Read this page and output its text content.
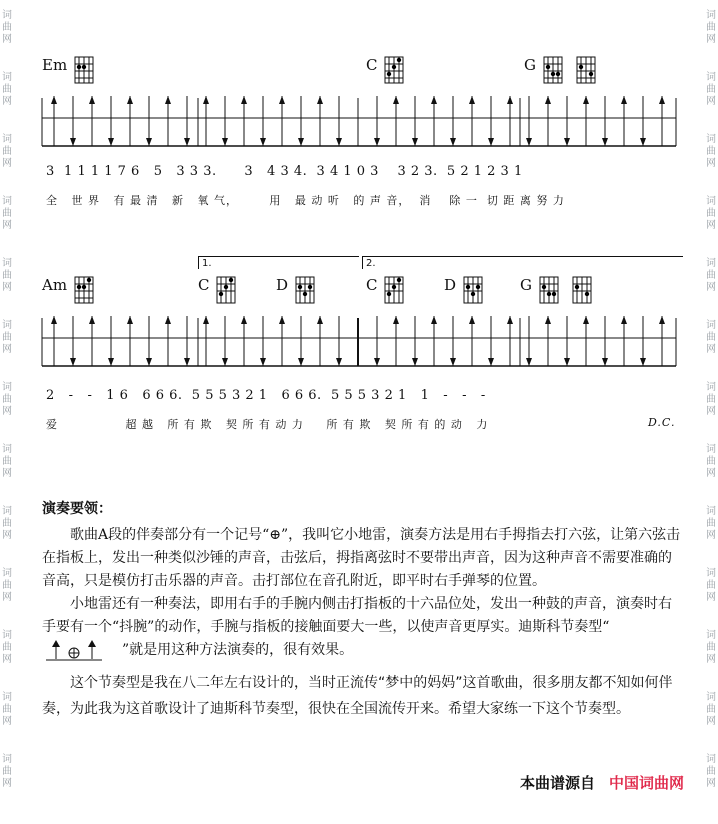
词
曲
网
词
曲
网
词
曲
网
词
曲
网
词
曲
网
词
曲
网
词
曲
网
词
曲
网
词
曲
网
词
曲
网
词
曲
网
词
曲
网
词
曲
网
词
曲
网
词
曲
网
词
曲
网
词
曲
网
词
曲
网
词
曲
网
词
曲
网
词
曲
网
词
曲
网
词
曲
网
词
曲
网
词
曲
网
词
曲
网
Em	C	G
3  1 1 1 1 7 6   5   3 3 3.      3   4 3 4.  3 4 1 0 3    3 2 3.  5 2 1 2 3 1
全   世 界   有 最 清   新   氧 气，       用   最 动 听   的 声 音，  消    除 一  切 距 离 努 力
1.	2.
Am	C	D	C	D	G
2   -   -   1 6   6 6 6.  5 5 5 3 2 1   6 6 6.  5 5 5 3 2 1   1   -   -   -
爱               超 越   所 有 欺   契 所 有 动 力     所 有 欺   契 所 有 的 动   力	D.C.
演奏要领：

歌曲A段的伴奏部分有一个记号“⊕”，我叫它小地雷，演奏方法是用右手拇指去打六弦，让第六弦击在指板上，发出一种类似沙锤的声音，击弦后，拇指离弦时不要带出声音，因为这种声音不需要准确的音高，只是模仿打击乐器的声音。击打部位在音孔附近，即平时右手弹琴的位置。

小地雷还有一种奏法，即用右手的手腕内侧击打指板的十六品位处，发出一种鼓的声音，演奏时右手要有一个“抖腕”的动作，手腕与指板的接触面要大一些，以使声音更厚实。迪斯科节奏型“”就是用这种方法演奏的，很有效果。

这个节奏型是我在八二年左右设计的，当时正流传“梦中的妈妈”这首歌曲，很多朋友都不知如何伴奏，为此我为这首歌设计了迪斯科节奏型，很快在全国流传开来。希望大家练一下这个节奏型。

本曲谱源自 中国词曲网
